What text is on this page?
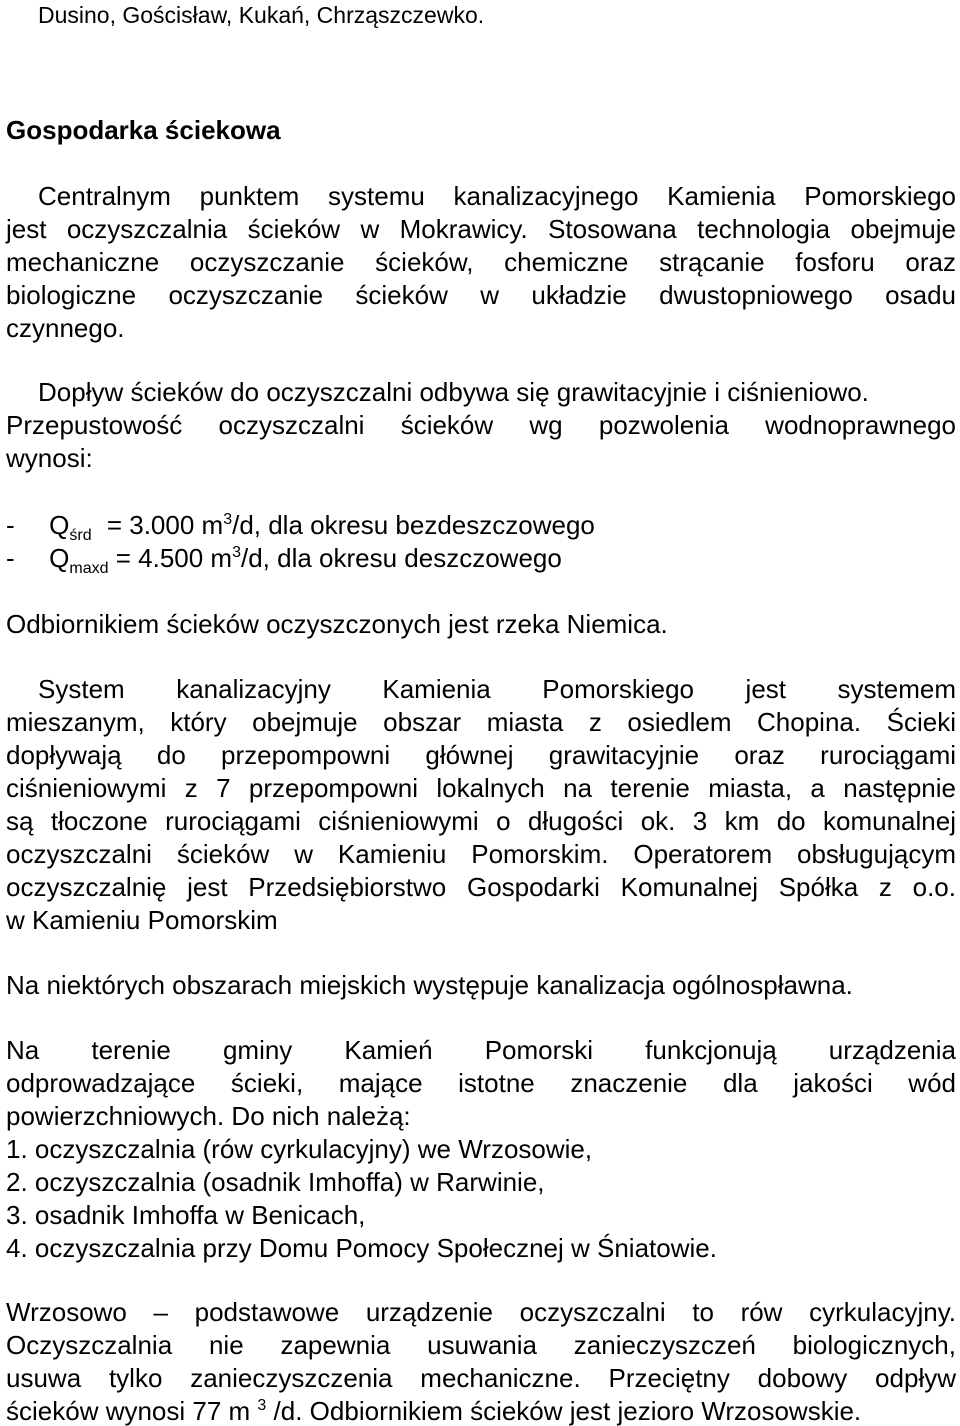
Dusino, Gościsław, Kukań, Chrząszczewko.
Gospodarka ściekowa
Centralnym punktem systemu kanalizacyjnego Kamienia Pomorskiego
jest oczyszczalnia ścieków w Mokrawicy. Stosowana technologia obejmuje
mechaniczne oczyszczanie ścieków, chemiczne strącanie fosforu oraz
biologiczne oczyszczanie ścieków w układzie dwustopniowego osadu
czynnego.
Dopływ ścieków do oczyszczalni odbywa się grawitacyjnie i ciśnieniowo.
Przepustowość oczyszczalni ścieków wg pozwolenia wodnoprawnego
wynosi:
- $Q_{śrd} = 3.000$ $m^3/d$, dla okresu bezdeszczowego
- $Q_{maxd} = 4.500$ $m^3/d$, dla okresu deszczowego
Odbiornikiem ścieków oczyszczonych jest rzeka Niemica.
System kanalizacyjny Kamienia Pomorskiego jest systemem
mieszanym, który obejmuje obszar miasta z osiedlem Chopina. Ścieki
dopływają do przepompowni głównej grawitacyjnie oraz rurociągami
ciśnieniowymi z 7 przepompowni lokalnych na terenie miasta, a następnie
są tłoczone rurociągami ciśnieniowymi o długości ok. 3 km do komunalnej
oczyszczalni ścieków w Kamieniu Pomorskim. Operatorem obsługującym
oczyszczalnię jest Przedsiębiorstwo Gospodarki Komunalnej Spółka z o.o.
w Kamieniu Pomorskim
Na niektórych obszarach miejskich występuje kanalizacja ogólnospławna.
Na terenie gminy Kamień Pomorski funkcjonują urządzenia
odprowadzające ścieki, mające istotne znaczenie dla jakości wód
powierzchniowych. Do nich należą:
1. oczyszczalnia (rów cyrkulacyjny) we Wrzosowie,
2. oczyszczalnia (osadnik Imhoffa) w Rarwinie,
3. osadnik Imhoffa w Benicach,
4. oczyszczalnia przy Domu Pomocy Społecznej w Śniatowie.
Wrzosowo – podstawowe urządzenie oczyszczalni to rów cyrkulacyjny.
Oczyszczalnia nie zapewnia usuwania zanieczyszczeń biologicznych,
usuwa tylko zanieczyszczenia mechaniczne. Przeciętny dobowy odpływ
ścieków wynosi 77 m $^3$ /d. Odbiornikiem ścieków jest jezioro Wrzosowskie.
